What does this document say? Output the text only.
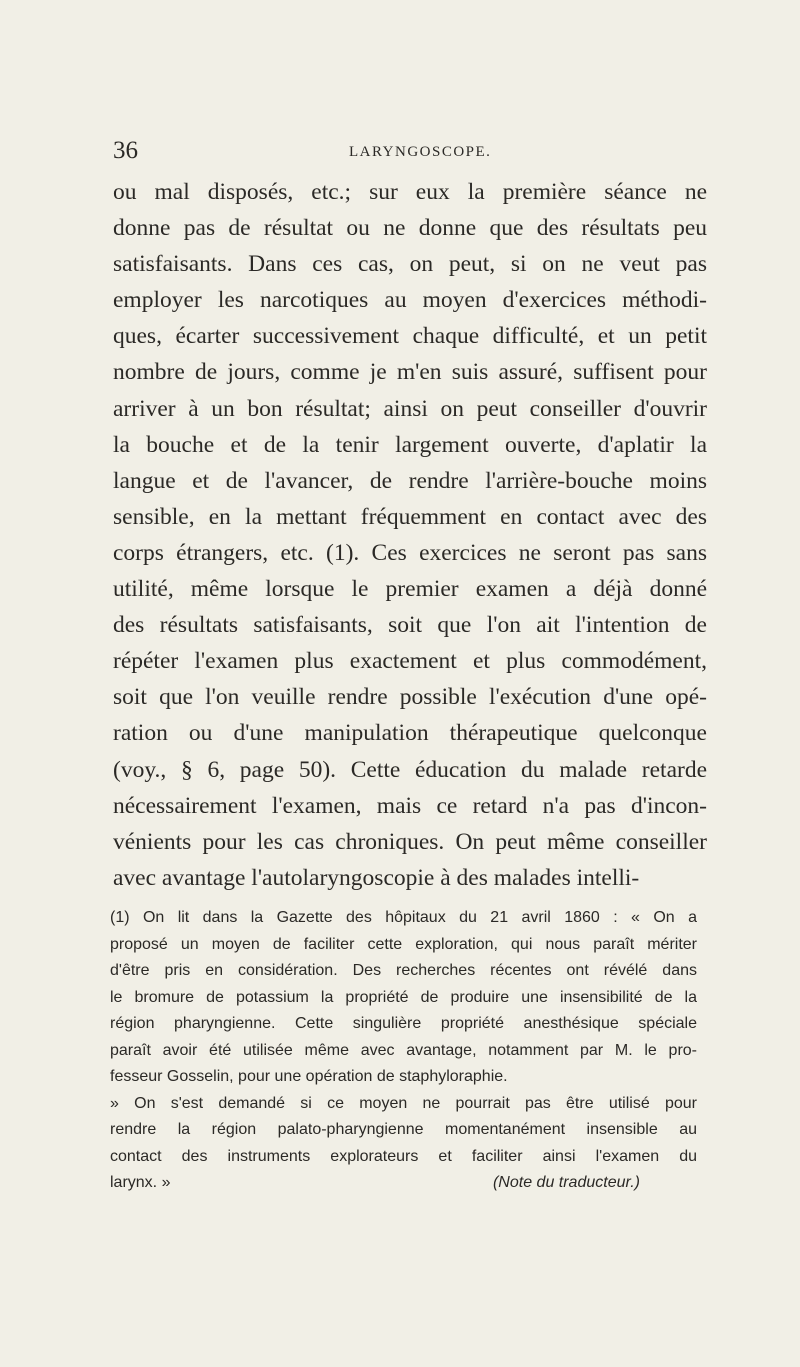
36	LARYNGOSCOPE.
ou mal disposés, etc.; sur eux la première séance ne
donne pas de résultat ou ne donne que des résultats peu
satisfaisants. Dans ces cas, on peut, si on ne veut pas
employer les narcotiques au moyen d'exercices méthodi-
ques, écarter successivement chaque difficulté, et un petit
nombre de jours, comme je m'en suis assuré, suffisent pour
arriver à un bon résultat; ainsi on peut conseiller d'ouvrir
la bouche et de la tenir largement ouverte, d'aplatir la
langue et de l'avancer, de rendre l'arrière-bouche moins
sensible, en la mettant fréquemment en contact avec des
corps étrangers, etc. (1). Ces exercices ne seront pas sans
utilité, même lorsque le premier examen a déjà donné
des résultats satisfaisants, soit que l'on ait l'intention de
répéter l'examen plus exactement et plus commodément,
soit que l'on veuille rendre possible l'exécution d'une opé-
ration ou d'une manipulation thérapeutique quelconque
(voy., § 6, page 50). Cette éducation du malade retarde
nécessairement l'examen, mais ce retard n'a pas d'incon-
vénients pour les cas chroniques. On peut même conseiller
avec avantage l'autolaryngoscopie à des malades intelli-
(1) On lit dans la Gazette des hôpitaux du 21 avril 1860 : « On a
proposé un moyen de faciliter cette exploration, qui nous paraît mériter
d'être pris en considération. Des recherches récentes ont révélé dans
le bromure de potassium la propriété de produire une insensibilité de la
région pharyngienne. Cette singulière propriété anesthésique spéciale
paraît avoir été utilisée même avec avantage, notamment par M. le pro-
fesseur Gosselin, pour une opération de staphyloraphie.
» On s'est demandé si ce moyen ne pourrait pas être utilisé pour
rendre la région palato-pharyngienne momentanément insensible au
contact des instruments explorateurs et faciliter ainsi l'examen du
larynx. »	(Note du traducteur.)
